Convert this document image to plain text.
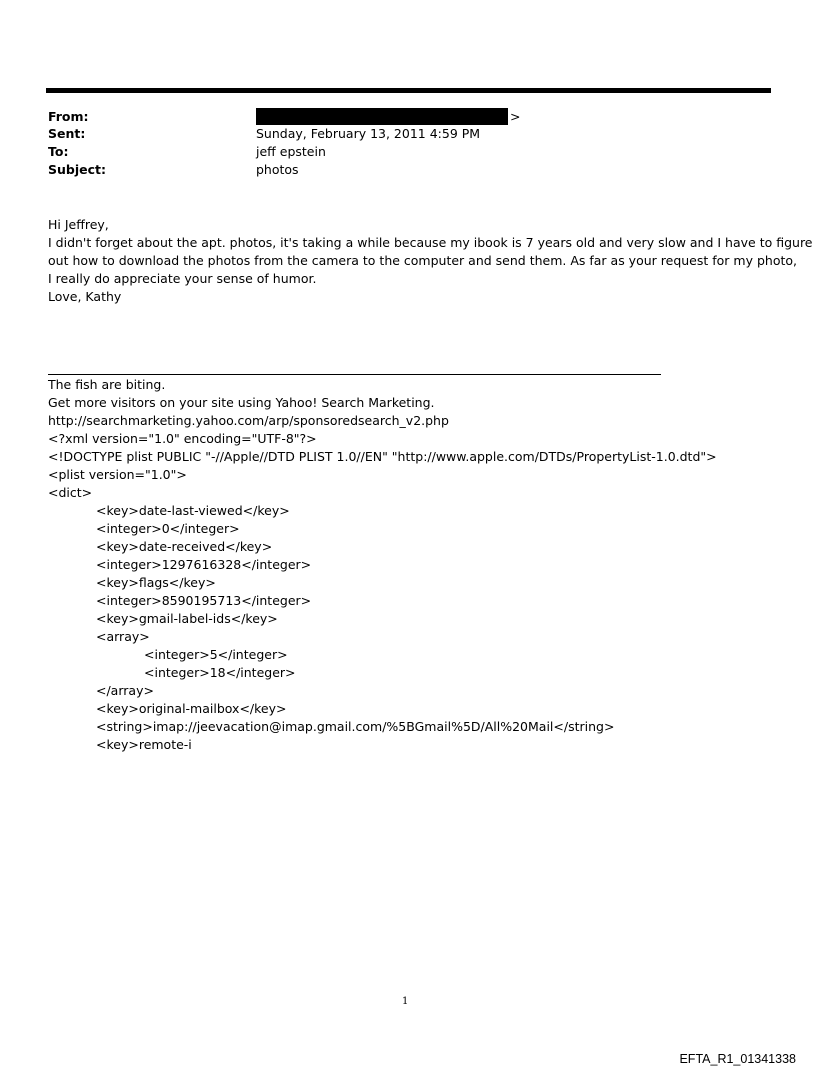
From:	>
Sent:	Sunday, February 13, 2011 4:59 PM
To:	jeff epstein
Subject:	photos
Hi Jeffrey,
I didn't forget about the apt. photos, it's taking a while because my ibook is 7 years old and very slow and I have to figure
out how to download the photos from the camera to the computer and send them. As far as your request for my photo,
I really do appreciate your sense of humor.
Love, Kathy
The fish are biting.
Get more visitors on your site using Yahoo! Search Marketing.
http://searchmarketing.yahoo.com/arp/sponsoredsearch_v2.php
<?xml version="1.0" encoding="UTF-8"?>
<!DOCTYPE plist PUBLIC "-//Apple//DTD PLIST 1.0//EN" "http://www.apple.com/DTDs/PropertyList-1.0.dtd">
<plist version="1.0">
<dict>
<key>date-last-viewed</key>
<integer>0</integer>
<key>date-received</key>
<integer>1297616328</integer>
<key>flags</key>
<integer>8590195713</integer>
<key>gmail-label-ids</key>
<array>
<integer>5</integer>
<integer>18</integer>
</array>
<key>original-mailbox</key>
<string>imap://jeevacation@imap.gmail.com/%5BGmail%5D/All%20Mail</string>
<key>remote-i
1
EFTA_R1_01341338
